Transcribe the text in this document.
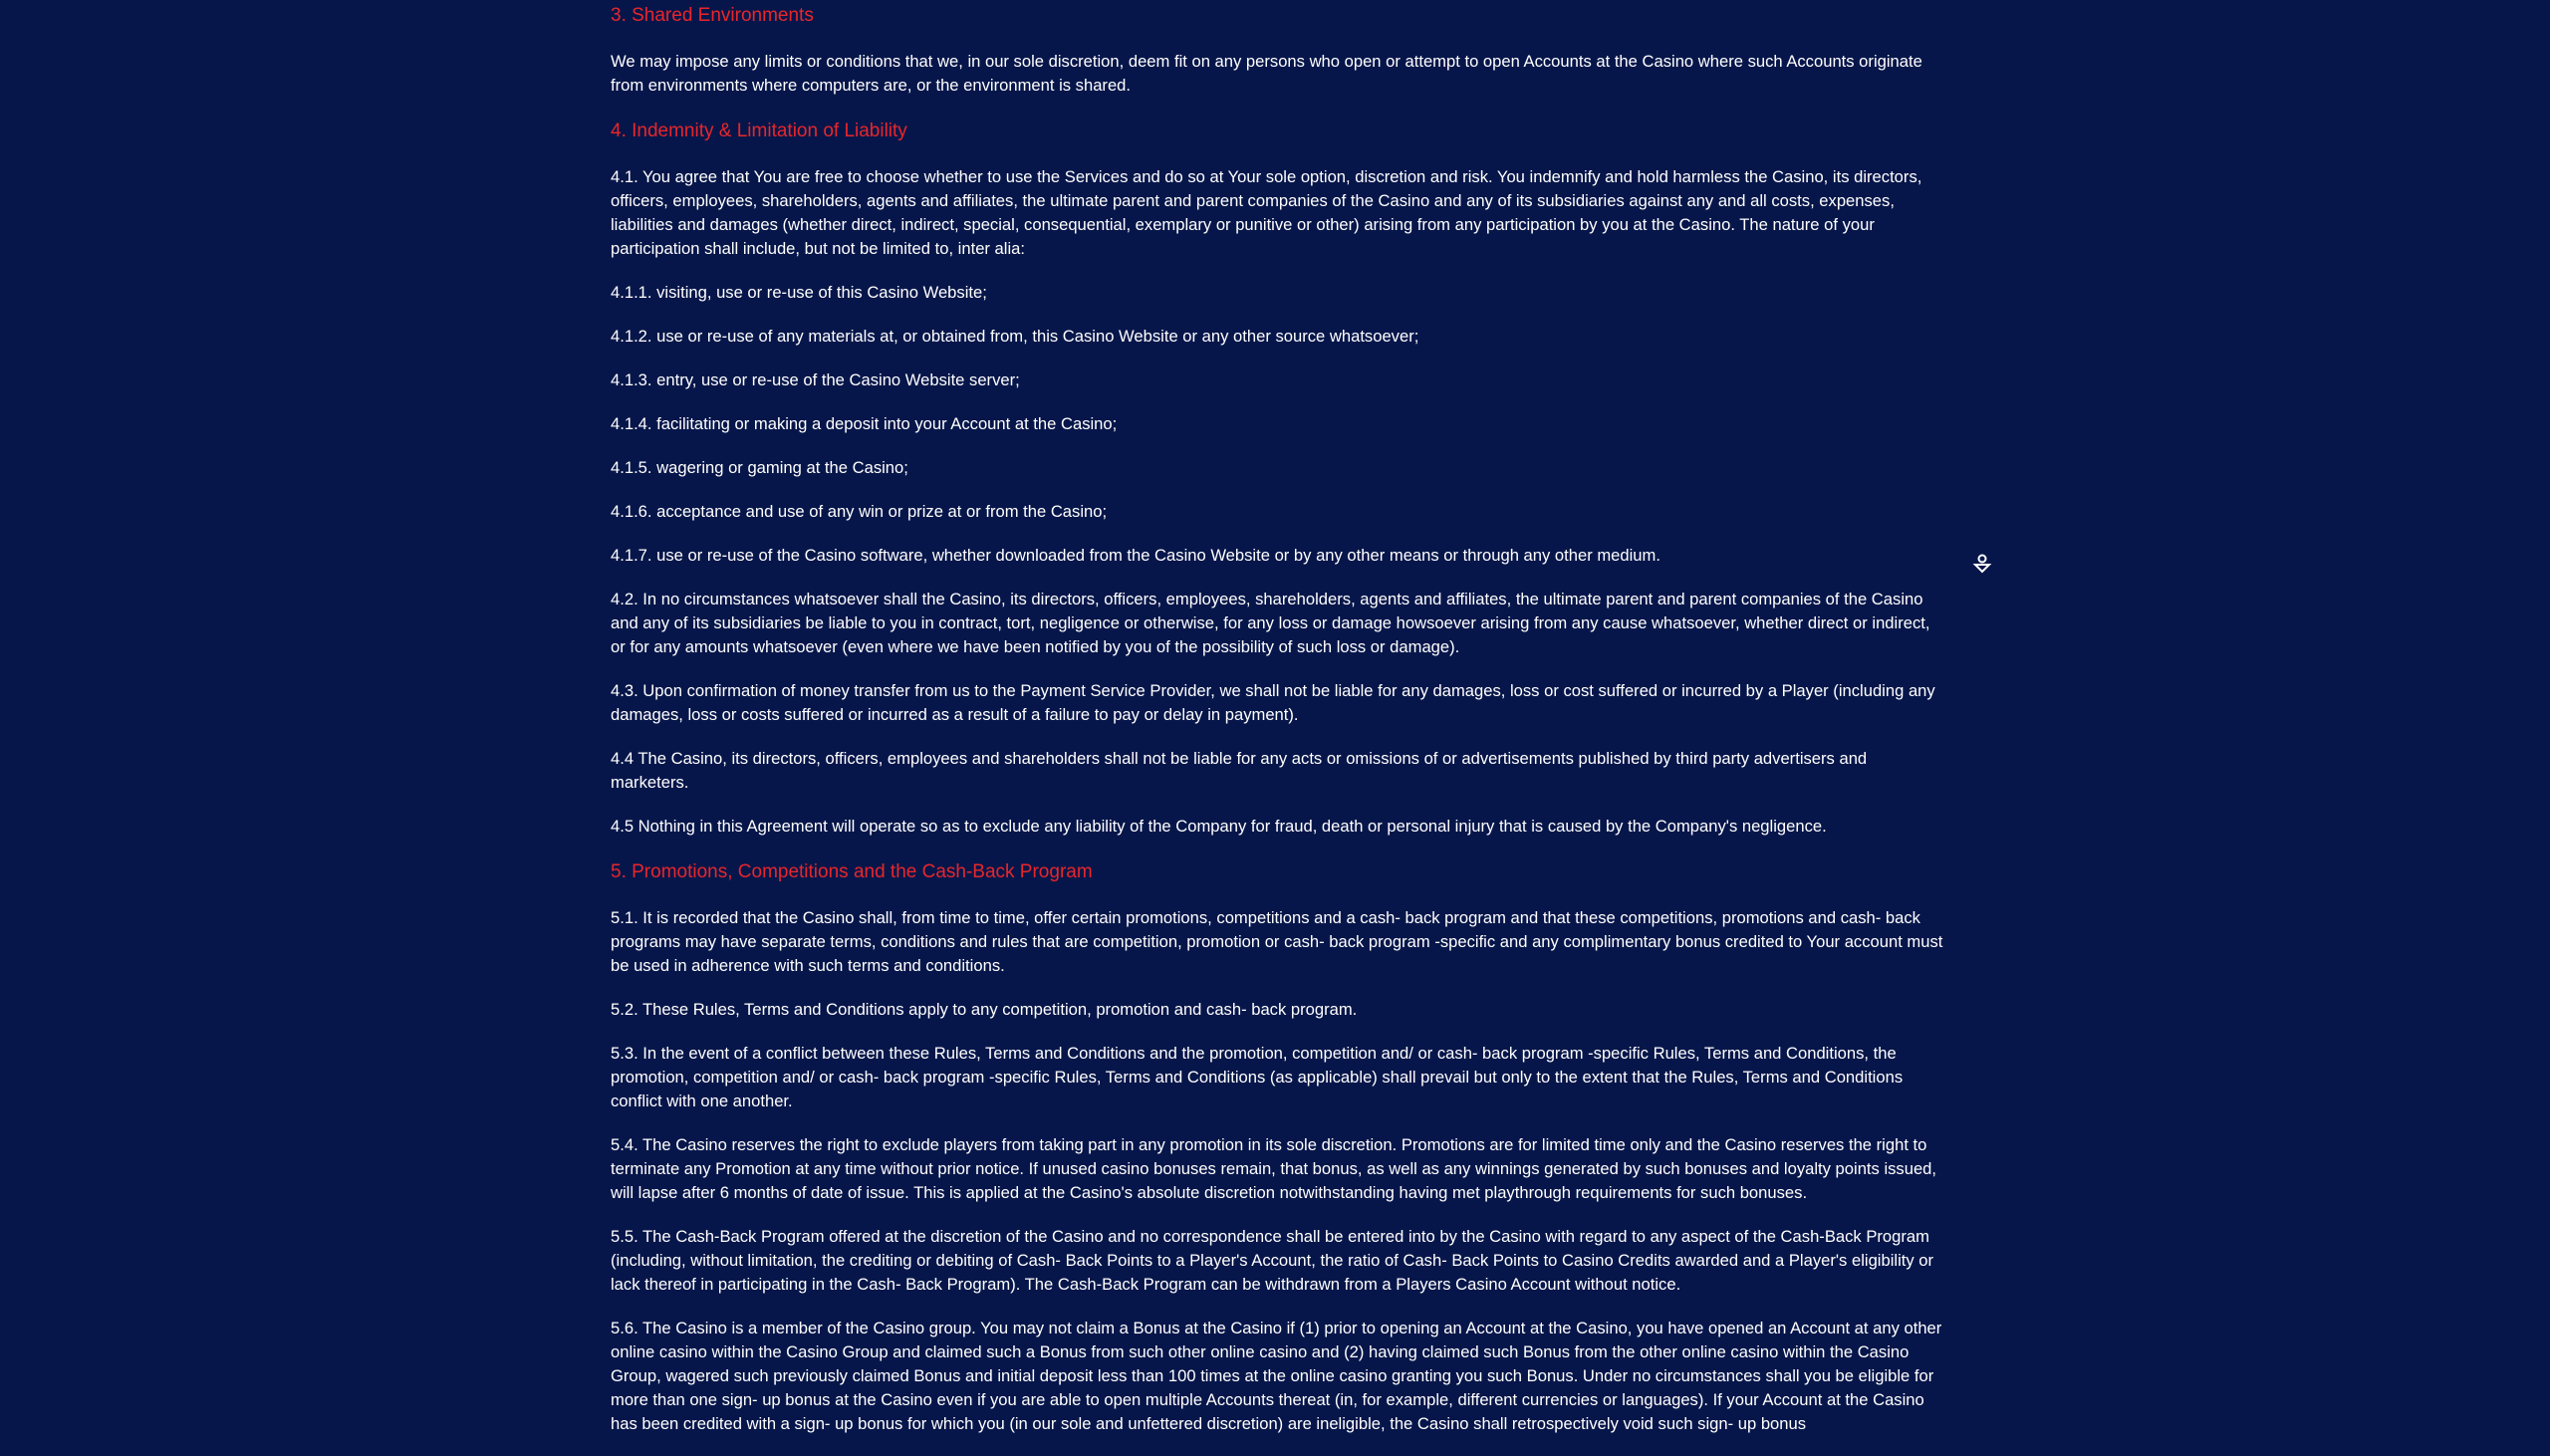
3. Shared Environments

We may impose any limits or conditions that we, in our sole discretion, deem fit on any persons who open or attempt to open Accounts at the Casino where such Accounts originate from environments where computers are, or the environment is shared.

4. Indemnity & Limitation of Liability

4.1. You agree that You are free to choose whether to use the Services and do so at Your sole option, discretion and risk. You indemnify and hold harmless the Casino, its directors, officers, employees, shareholders, agents and affiliates, the ultimate parent and parent companies of the Casino and any of its subsidiaries against any and all costs, expenses, liabilities and damages (whether direct, indirect, special, consequential, exemplary or punitive or other) arising from any participation by you at the Casino. The nature of your participation shall include, but not be limited to, inter alia:

4.1.1. visiting, use or re-use of this Casino Website;

4.1.2. use or re-use of any materials at, or obtained from, this Casino Website or any other source whatsoever;

4.1.3. entry, use or re-use of the Casino Website server;

4.1.4. facilitating or making a deposit into your Account at the Casino;

4.1.5. wagering or gaming at the Casino;

4.1.6. acceptance and use of any win or prize at or from the Casino;

4.1.7. use or re-use of the Casino software, whether downloaded from the Casino Website or by any other means or through any other medium.

4.2. In no circumstances whatsoever shall the Casino, its directors, officers, employees, shareholders, agents and affiliates, the ultimate parent and parent companies of the Casino and any of its subsidiaries be liable to you in contract, tort, negligence or otherwise, for any loss or damage howsoever arising from any cause whatsoever, whether direct or indirect, or for any amounts whatsoever (even where we have been notified by you of the possibility of such loss or damage).

4.3. Upon confirmation of money transfer from us to the Payment Service Provider, we shall not be liable for any damages, loss or cost suffered or incurred by a Player (including any damages, loss or costs suffered or incurred as a result of a failure to pay or delay in payment).

4.4 The Casino, its directors, officers, employees and shareholders shall not be liable for any acts or omissions of or advertisements published by third party advertisers and marketers.

4.5 Nothing in this Agreement will operate so as to exclude any liability of the Company for fraud, death or personal injury that is caused by the Company's negligence.

5. Promotions, Competitions and the Cash-Back Program

5.1. It is recorded that the Casino shall, from time to time, offer certain promotions, competitions and a cash- back program and that these competitions, promotions and cash- back programs may have separate terms, conditions and rules that are competition, promotion or cash- back program -specific and any complimentary bonus credited to Your account must be used in adherence with such terms and conditions.

5.2. These Rules, Terms and Conditions apply to any competition, promotion and cash- back program.

5.3. In the event of a conflict between these Rules, Terms and Conditions and the promotion, competition and/ or cash- back program -specific Rules, Terms and Conditions, the promotion, competition and/ or cash- back program -specific Rules, Terms and Conditions (as applicable) shall prevail but only to the extent that the Rules, Terms and Conditions conflict with one another.

5.4. The Casino reserves the right to exclude players from taking part in any promotion in its sole discretion. Promotions are for limited time only and the Casino reserves the right to terminate any Promotion at any time without prior notice. If unused casino bonuses remain, that bonus, as well as any winnings generated by such bonuses and loyalty points issued, will lapse after 6 months of date of issue. This is applied at the Casino's absolute discretion notwithstanding having met playthrough requirements for such bonuses.

5.5. The Cash-Back Program offered at the discretion of the Casino and no correspondence shall be entered into by the Casino with regard to any aspect of the Cash-Back Program (including, without limitation, the crediting or debiting of Cash- Back Points to a Player's Account, the ratio of Cash- Back Points to Casino Credits awarded and a Player's eligibility or lack thereof in participating in the Cash- Back Program). The Cash-Back Program can be withdrawn from a Players Casino Account without notice.

5.6. The Casino is a member of the Casino group. You may not claim a Bonus at the Casino if (1) prior to opening an Account at the Casino, you have opened an Account at any other online casino within the Casino Group and claimed such a Bonus from such other online casino and (2) having claimed such Bonus from the other online casino within the Casino Group, wagered such previously claimed Bonus and initial deposit less than 100 times at the online casino granting you such Bonus. Under no circumstances shall you be eligible for more than one sign- up bonus at the Casino even if you are able to open multiple Accounts thereat (in, for example, different currencies or languages). If your Account at the Casino has been credited with a sign- up bonus for which you (in our sole and unfettered discretion) are ineligible, the Casino shall retrospectively void such sign- up bonus
